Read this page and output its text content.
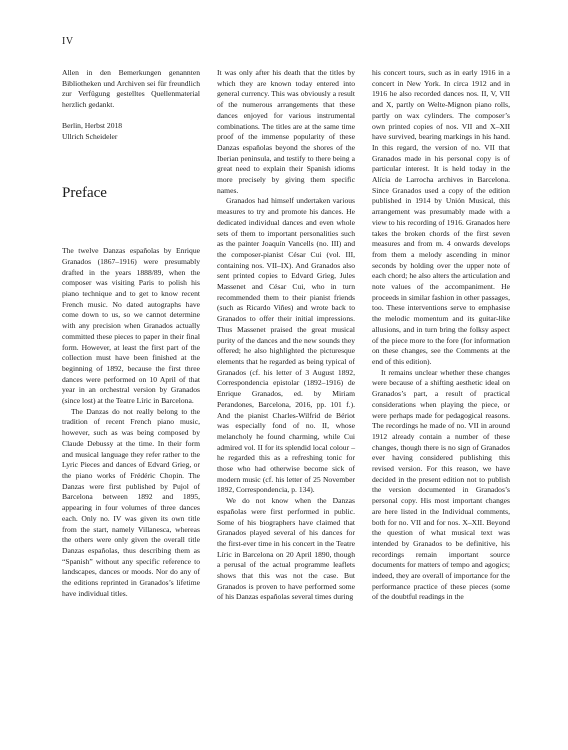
IV

Allen in den Bemerkungen genannten Bibliotheken und Archiven sei für freundlich zur Verfügung gestelltes Quellenmaterial herzlich gedankt.

Berlin, Herbst 2018

Ullrich Scheideler

Preface

The twelve Danzas españolas by Enrique Granados (1867–1916) were presumably drafted in the years 1888/89, when the composer was visiting Paris to polish his piano technique and to get to know recent French music. No dated autographs have come down to us, so we cannot determine with any precision when Granados actually committed these pieces to paper in their final form. However, at least the first part of the collection must have been finished at the beginning of 1892, because the first three dances were performed on 10 April of that year in an orchestral version by Granados (since lost) at the Teatre Líric in Barcelona.

The Danzas do not really belong to the tradition of recent French piano music, however, such as was being composed by Claude Debussy at the time. In their form and musical language they refer rather to the Lyric Pieces and dances of Edvard Grieg, or the piano works of Frédéric Chopin. The Danzas were first published by Pujol of Barcelona between 1892 and 1895, appearing in four volumes of three dances each. Only no. IV was given its own title from the start, namely Villanesca, whereas the others were only given the overall title Danzas españolas, thus describing them as “Spanish” without any specific reference to landscapes, dances or moods. Nor do any of the editions reprinted in Granados’s lifetime have individual titles.

It was only after his death that the titles by which they are known today entered into general currency. This was obviously a result of the numerous arrangements that these dances enjoyed for various instrumental combinations. The titles are at the same time proof of the immense popularity of these Danzas españolas beyond the shores of the Iberian peninsula, and testify to there being a great need to explain their Spanish idioms more precisely by giving them specific names.

Granados had himself undertaken various measures to try and promote his dances. He dedicated individual dances and even whole sets of them to important personalities such as the painter Joaquín Vancells (no. III) and the composer-pianist César Cui (vol. III, containing nos. VII–IX). And Granados also sent printed copies to Edvard Grieg, Jules Massenet and César Cui, who in turn recommended them to their pianist friends (such as Ricardo Viñes) and wrote back to Granados to offer their initial impressions. Thus Massenet praised the great musical purity of the dances and the new sounds they offered; he also highlighted the picturesque elements that he regarded as being typical of Granados (cf. his letter of 3 August 1892, Correspondencia epistolar (1892–1916) de Enrique Granados, ed. by Miriam Perandones, Barcelona, 2016, pp. 101 f.). And the pianist Charles-Wilfrid de Bériot was especially fond of no. II, whose melancholy he found charming, while Cui admired vol. II for its splendid local colour – he regarded this as a refreshing tonic for those who had otherwise become sick of modern music (cf. his letter of 25 November 1892, Correspondencia, p. 134).

We do not know when the Danzas españolas were first performed in public. Some of his biographers have claimed that Granados played several of his dances for the first-ever time in his concert in the Teatre Líric in Barcelona on 20 April 1890, though a perusal of the actual programme leaflets shows that this was not the case. But Granados is proven to have performed some of his Danzas españolas several times during

his concert tours, such as in early 1916 in a concert in New York. In circa 1912 and in 1916 he also recorded dances nos. II, V, VII and X, partly on Welte-Mignon piano rolls, partly on wax cylinders. The composer’s own printed copies of nos. VII and X–XII have survived, bearing markings in his hand. In this regard, the version of no. VII that Granados made in his personal copy is of particular interest. It is held today in the Alícia de Larrocha archives in Barcelona. Since Granados used a copy of the edition published in 1914 by Unión Musical, this arrangement was presumably made with a view to his recording of 1916. Granados here takes the broken chords of the first seven measures and from m. 4 onwards develops from them a melody ascending in minor seconds by holding over the upper note of each chord; he also alters the articulation and note values of the accompaniment. He proceeds in similar fashion in other passages, too. These interventions serve to emphasise the melodic momentum and its guitar-like allusions, and in turn bring the folksy aspect of the piece more to the fore (for information on these changes, see the Comments at the end of this edition).

It remains unclear whether these changes were because of a shifting aesthetic ideal on Granados’s part, a result of practical considerations when playing the piece, or were perhaps made for pedagogical reasons. The recordings he made of no. VII in around 1912 already contain a number of these changes, though there is no sign of Granados ever having considered publishing this revised version. For this reason, we have decided in the present edition not to publish the version documented in Granados’s personal copy. His most important changes are here listed in the Individual comments, both for no. VII and for nos. X–XII. Beyond the question of what musical text was intended by Granados to be definitive, his recordings remain important source documents for matters of tempo and agogics; indeed, they are overall of importance for the performance practice of these pieces (some of the doubtful readings in the
